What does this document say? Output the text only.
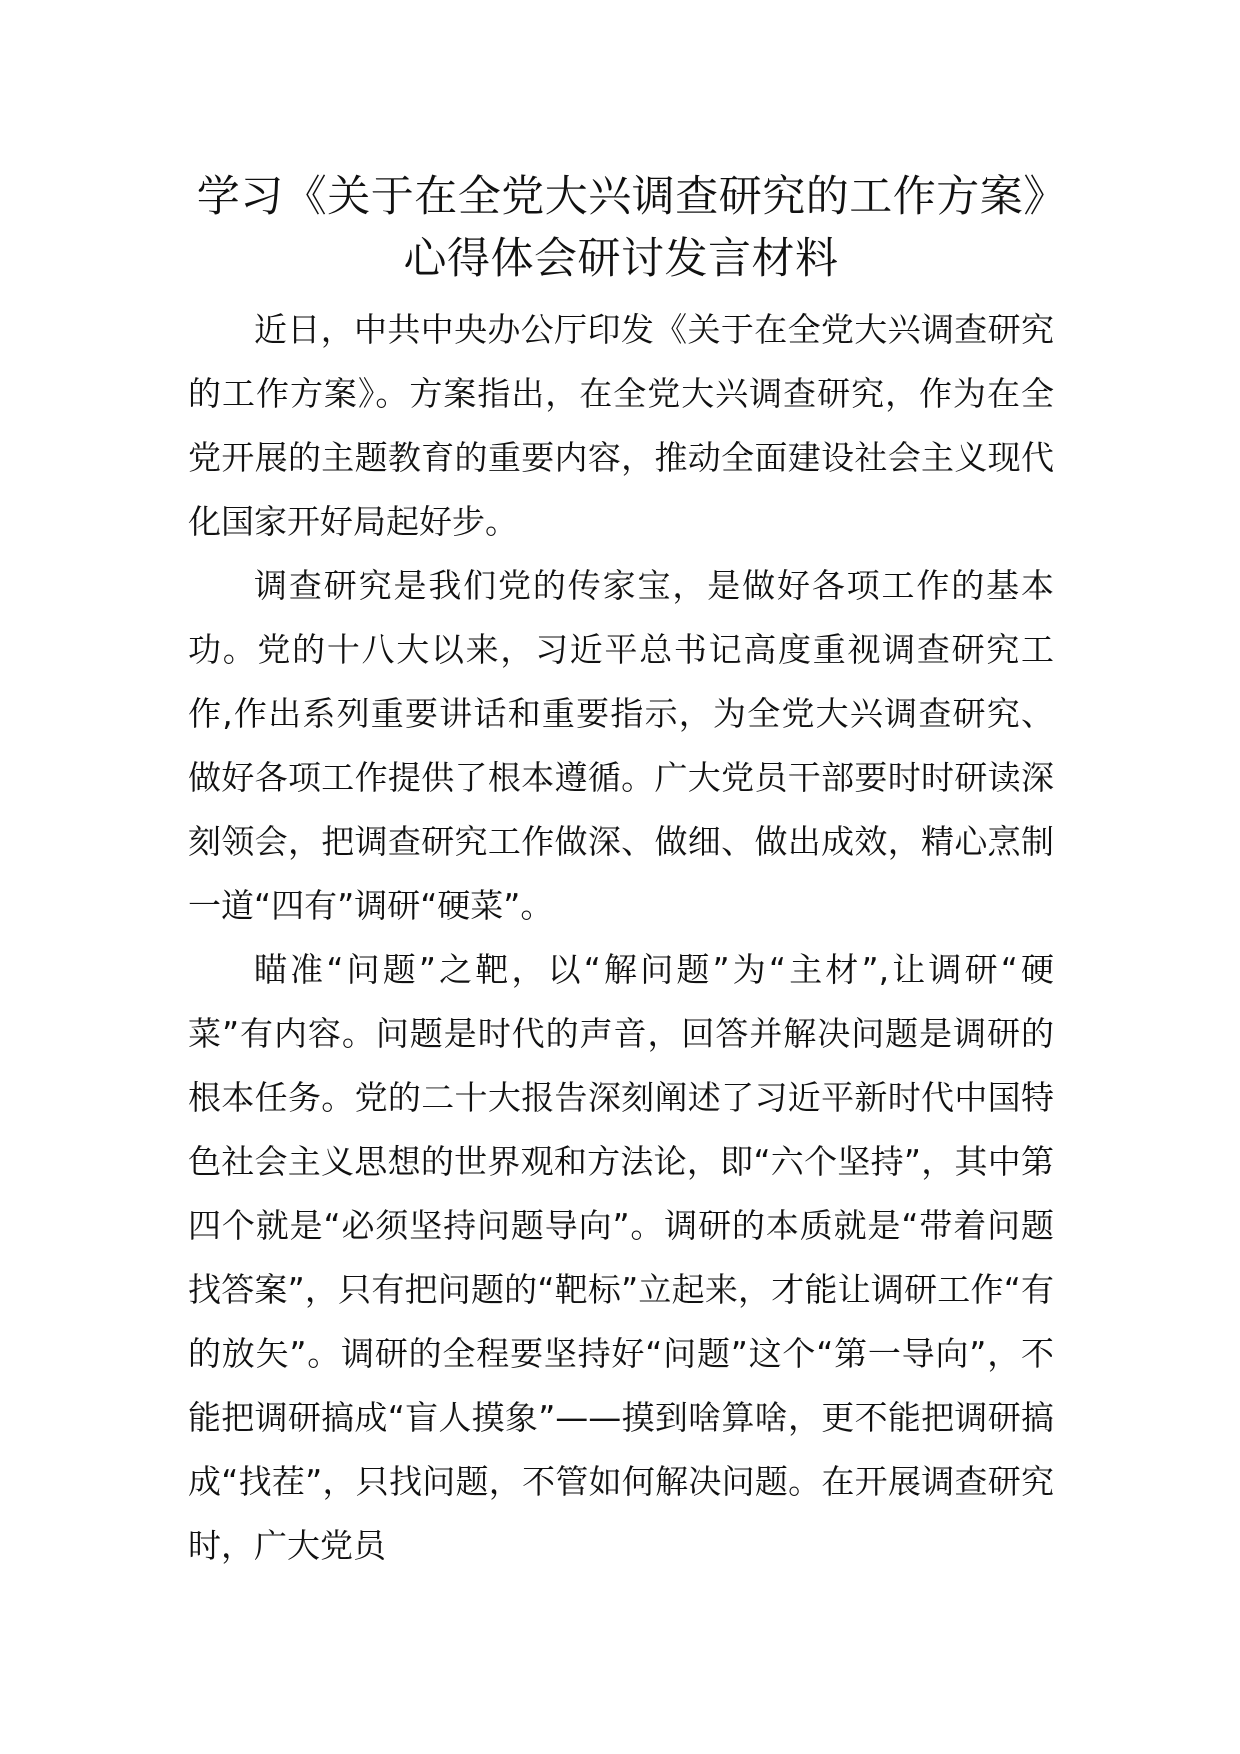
学习《关于在全党大兴调查研究的工作方案》心得体会研讨发言材料

近日，中共中央办公厅印发《关于在全党大兴调查研究的工作方案》。方案指出，在全党大兴调查研究，作为在全党开展的主题教育的重要内容，推动全面建设社会主义现代化国家开好局起好步。

调查研究是我们党的传家宝，是做好各项工作的基本功。党的十八大以来，习近平总书记高度重视调查研究工作,作出系列重要讲话和重要指示，为全党大兴调查研究、做好各项工作提供了根本遵循。广大党员干部要时时研读深刻领会，把调查研究工作做深、做细、做出成效，精心烹制一道“四有”调研“硬菜”。

瞄准“问题”之靶，以“解问题”为“主材”,让调研“硬菜”有内容。问题是时代的声音，回答并解决问题是调研的根本任务。党的二十大报告深刻阐述了习近平新时代中国特色社会主义思想的世界观和方法论，即“六个坚持”，其中第四个就是“必须坚持问题导向”。调研的本质就是“带着问题找答案”，只有把问题的“靶标”立起来，才能让调研工作“有的放矢”。调研的全程要坚持好“问题”这个“第一导向”，不能把调研搞成“盲人摸象”——摸到啥算啥，更不能把调研搞成“找茬”，只找问题，不管如何解决问题。在开展调查研究时，广大党员
